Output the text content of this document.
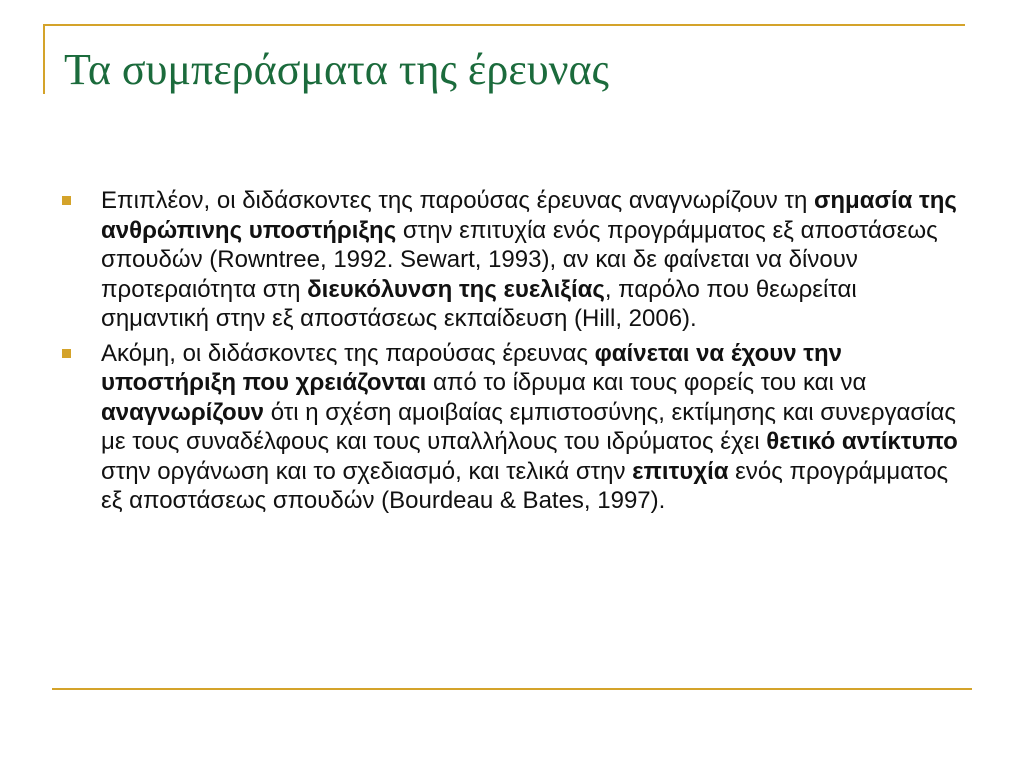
Τα συμπεράσματα της έρευνας
Επιπλέον, οι διδάσκοντες της παρούσας έρευνας αναγνωρίζουν τη σημασία της ανθρώπινης υποστήριξης στην επιτυχία ενός προγράμματος εξ αποστάσεως σπουδών (Rowntree, 1992. Sewart, 1993), αν και δε φαίνεται να δίνουν προτεραιότητα στη διευκόλυνση της ευελιξίας, παρόλο που θεωρείται σημαντική στην εξ αποστάσεως εκπαίδευση (Hill, 2006).
Ακόμη, οι διδάσκοντες της παρούσας έρευνας φαίνεται να έχουν την υποστήριξη που χρειάζονται από το ίδρυμα και τους φορείς του και να αναγνωρίζουν ότι η σχέση αμοιβαίας εμπιστοσύνης, εκτίμησης και συνεργασίας με τους συναδέλφους και τους υπαλλήλους του ιδρύματος έχει θετικό αντίκτυπο στην οργάνωση και το σχεδιασμό, και τελικά στην επιτυχία ενός προγράμματος εξ αποστάσεως σπουδών (Bourdeau & Bates, 1997).
